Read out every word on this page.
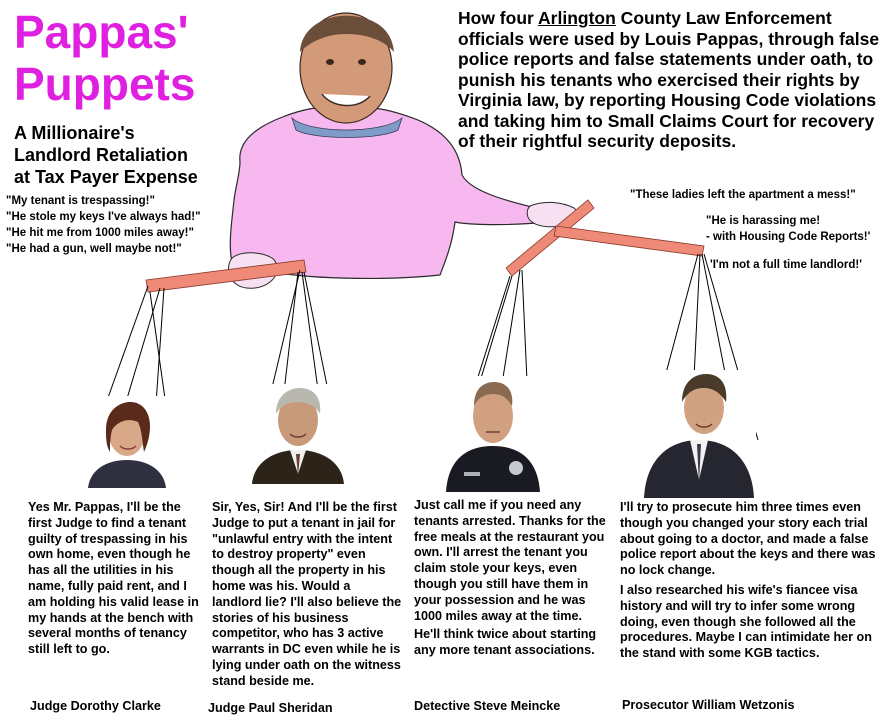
Pappas'
Puppets
A Millionaire's
Landlord Retaliation
at Tax Payer Expense
How four Arlington County Law Enforcement officials were used by Louis Pappas, through false police reports and false statements under oath, to punish his tenants who exercised their rights by Virginia law, by reporting Housing Code violations and taking him to Small Claims Court for recovery of their rightful security deposits.
"My tenant is trespassing!"
"He stole my keys I've always had!"
"He hit me from 1000 miles away!"
"He had a gun, well maybe not!"
"These ladies left the apartment a mess!"
"He is harassing me!
- with Housing Code Reports!'
'I'm not a full time landlord!'
Yes Mr. Pappas, I'll be the first Judge to find a tenant guilty of trespassing in his own home, even though he has all the utilities in his name, fully paid rent, and I am holding his valid lease in my hands at the bench with several months of tenancy still left to go.
Sir, Yes, Sir! And I'll be the first Judge to put a tenant in jail for "unlawful entry with the intent to destroy property" even though all the property in his home was his. Would a landlord lie? I'll also believe the stories of his business competitor, who has 3 active warrants in DC even while he is lying under oath on the witness stand beside me.
Just call me if you need any tenants arrested. Thanks for the free meals at the restaurant you own. I'll arrest the tenant you claim stole your keys, even though you still have them in your possession and he was 1000 miles away at the time.
He'll think twice about starting any more tenant associations.
I'll try to prosecute him three times even though you changed your story each trial about going to a doctor, and made a false police report about the keys and there was no lock change.
I also researched his wife's fiancee visa history and will try to infer some wrong doing, even though she followed all the procedures. Maybe I can intimidate her on the stand with some KGB tactics.
Judge Dorothy Clarke	Judge Paul Sheridan	Detective Steve Meincke	Prosecutor William Wetzonis
